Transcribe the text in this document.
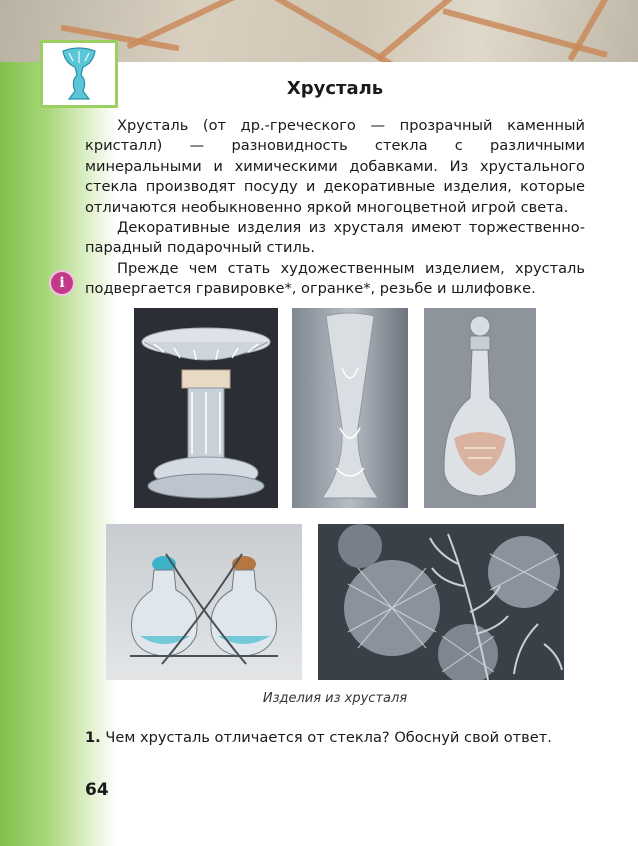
Хрусталь

Хрусталь (от др.-греческого — прозрачный каменный кристалл) — разновидность стекла с различными минеральными и химическими добавками. Из хрустального стекла производят посуду и декоративные изделия, которые отличаются необыкновенно яркой многоцветной игрой света.

Декоративные изделия из хрусталя имеют торжественно-парадный подарочный стиль.

Прежде чем стать художественным изделием, хрусталь подвергается гравировке*, огранке*, резьбе и шлифовке.

i
Изделия из хрусталя
1. Чем хрусталь отличается от стекла? Обоснуй свой ответ.
64
